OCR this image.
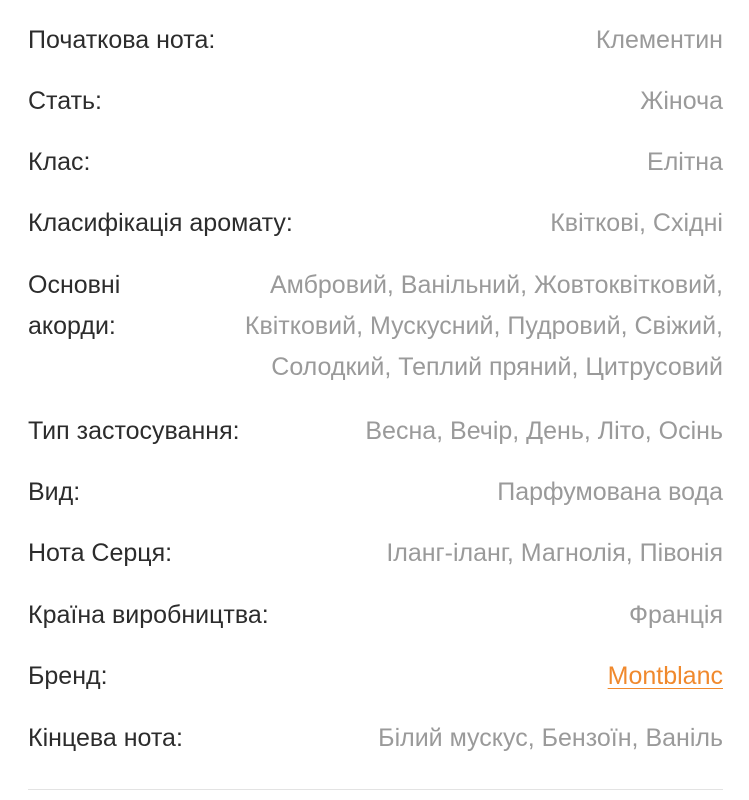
Початкова нота:	Клементин
Стать:	Жіноча
Клас:	Елітна
Класифікація аромату:	Квіткові, Східні
Основні
акорди:
Амбровий, Ванільний, Жовтоквітковий,
Квітковий, Мускусний, Пудровий, Свіжий,
Солодкий, Теплий пряний, Цитрусовий
Тип застосування:	Весна, Вечір, День, Літо, Осінь
Вид:	Парфумована вода
Нота Серця:	Іланг-іланг, Магнолія, Півонія
Країна виробництва:	Франція
Бренд:	Montblanc
Кінцева нота:	Білий мускус, Бензоїн, Ваніль
